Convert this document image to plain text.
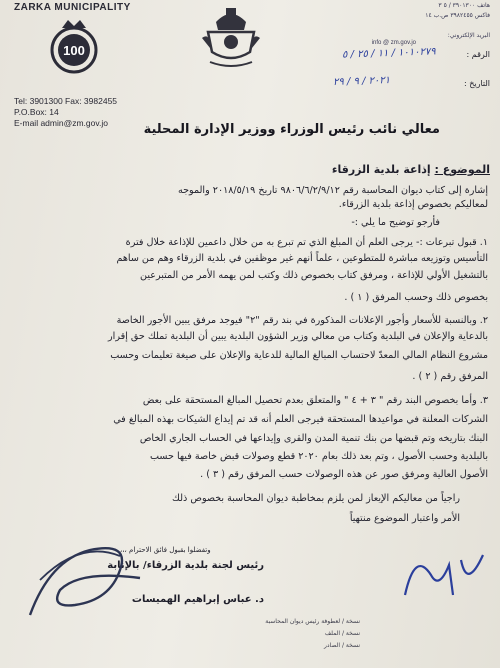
ZARKA MUNICIPALITY
100
هاتف ٣٩٠١٣٠٠ / ٥ ٣
فاكس ٣٩٨٢٤٥٥ ص.ب ١٤
البريد الإلكتروني:
info @ zm.gov.jo
الرقم :
١٠١٠٢٧٩ / ١١ / ٢٥ / ٥
التاريخ :
٢٠٢١ / ٩ / ٢٩
Tel: 3901300 Fax: 3982455
P.O.Box: 14
E-mail admin@zm.gov.jo	معالي نائب رئيس الوزراء ووزير الإدارة المحلية
الموضوع : إذاعة بلدية الزرقاء
إشارة إلى كتاب ديوان المحاسبة رقم ٩٨٠٦/٦/٢/٩/١٢ تاريخ ٢٠١٨/٥/١٩ والموجه
لمعاليكم بخصوص إذاعة بلدية الزرقاء.
فأرجو توضيح ما يلي :-
١. قبول تبرعات :- يرجى العلم أن المبلغ الذي تم تبرع به من خلال داعمين للإذاعة خلال فترة
التأسيس وتوزيعه مباشرة للمتطوعين ، علماً أنهم غير موظفين في بلدية الزرقاء وهم من ساهم
بالتشغيل الأولي للإذاعة ، ومرفق كتاب بخصوص ذلك وكتب لمن يهمه الأمر من المتبرعين
بخصوص ذلك وحسب المرفق ( ١ ) .
٢. وبالنسبة للأسعار وأجور الإعلانات المذكورة في بند رقم "٢" فيوجد مرفق يبين الأجور الخاصة
بالدعاية والإعلان في البلدية وكتاب من معالي وزير الشؤون البلدية يبين أن البلدية تملك حق إقرار
مشروع النظام المالي المعدّ لاحتساب المبالغ المالية للدعاية والإعلان على صيغة تعليمات وحسب
المرفق رقم ( ٢ ) .
٣. وأما بخصوص البند رقم " ٣ + ٤ " والمتعلق بعدم تحصيل المبالغ المستحقة على بعض
الشركات المعلنة في مواعيدها المستحقة فيرجى العلم أنه قد تم إيداع الشيكات بهذه المبالغ في
البنك بتاريخه وتم قبضها من بنك تنمية المدن والقرى وإيداعها في الحساب الجاري الخاص
بالبلدية وحسب الأصول ، وتم بعد ذلك بعام ٢٠٢٠ قطع وصولات قبض خاصة فيها حسب
الأصول العالية ومرفق صور عن هذه الوصولات حسب المرفق رقم ( ٣ ) .
راجياً من معاليكم الإيعاز لمن يلزم بمخاطبة ديوان المحاسبة بخصوص ذلك
الأمر واعتبار الموضوع منتهياً
وتفضلوا بقبول فائق الاحترام ،،،
رئيس لجنة بلدية الزرقاء/ بالإنابة
د. عباس إبراهيم الهميسات
نسخة / لعطوفة رئيس ديوان المحاسبة
نسخة / الملف
نسخة / الصادر
